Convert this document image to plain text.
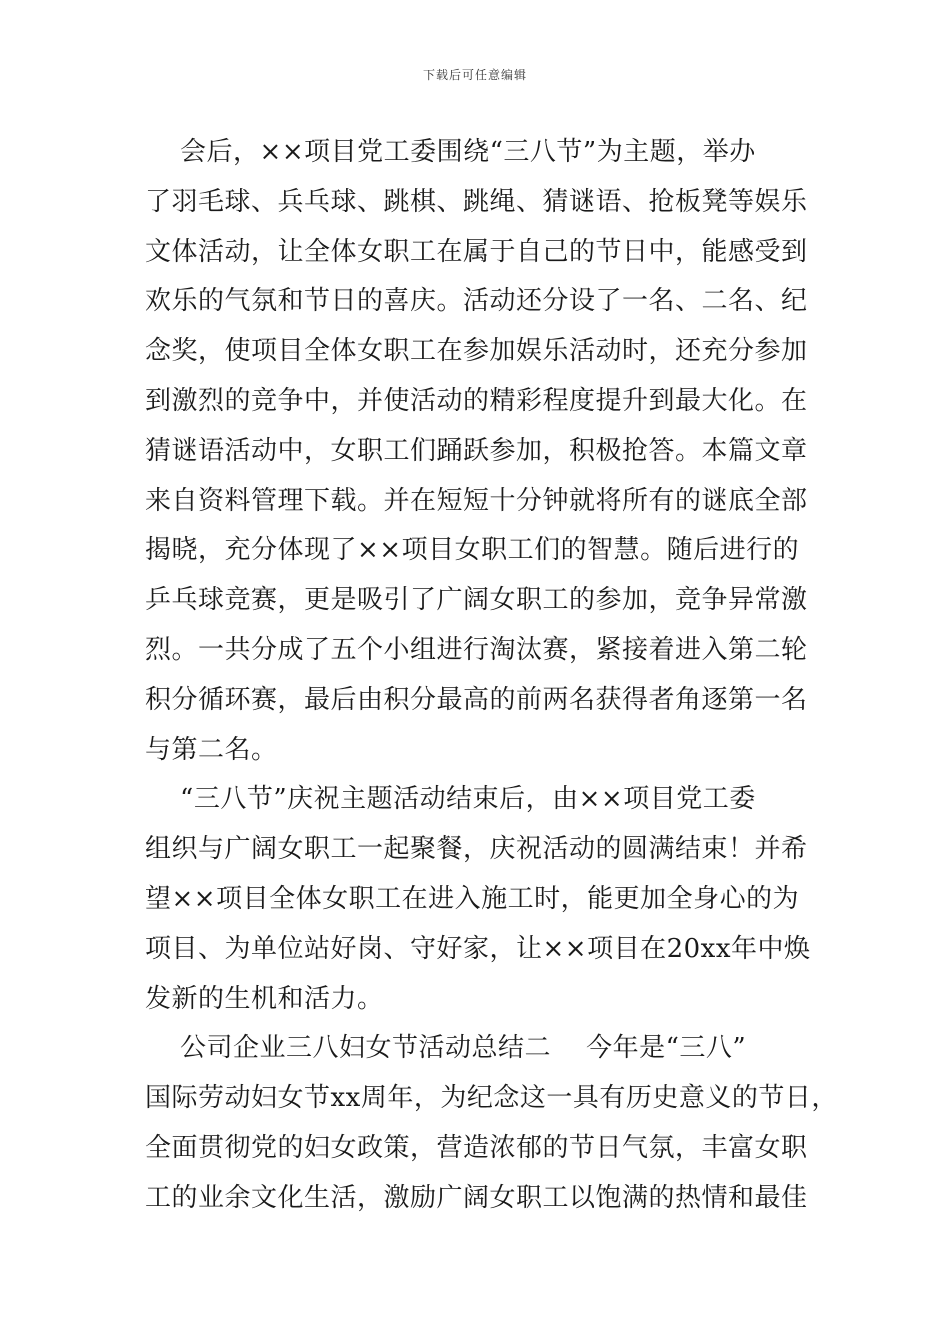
下载后可任意编辑
会后，××项目党工委围绕“三八节”为主题，举办
了羽毛球、兵乓球、跳棋、跳绳、猜谜语、抢板凳等娱乐
文体活动，让全体女职工在属于自己的节日中，能感受到
欢乐的气氛和节日的喜庆。活动还分设了一名、二名、纪
念奖，使项目全体女职工在参加娱乐活动时，还充分参加
到激烈的竞争中，并使活动的精彩程度提升到最大化。在
猜谜语活动中，女职工们踊跃参加，积极抢答。本篇文章
来自资料管理下载。并在短短十分钟就将所有的谜底全部
揭晓，充分体现了××项目女职工们的智慧。随后进行的
乒乓球竞赛，更是吸引了广阔女职工的参加，竞争异常激
烈。一共分成了五个小组进行淘汰赛，紧接着进入第二轮
积分循环赛，最后由积分最高的前两名获得者角逐第一名
与第二名。
“三八节”庆祝主题活动结束后，由××项目党工委
组织与广阔女职工一起聚餐，庆祝活动的圆满结束！并希
望××项目全体女职工在进入施工时，能更加全身心的为
项目、为单位站好岗、守好家，让××项目在20xx年中焕
发新的生机和活力。
公司企业三八妇女节活动总结二    今年是“三八”
国际劳动妇女节xx周年，为纪念这一具有历史意义的节日，
全面贯彻党的妇女政策，营造浓郁的节日气氛，丰富女职
工的业余文化生活，激励广阔女职工以饱满的热情和最佳
